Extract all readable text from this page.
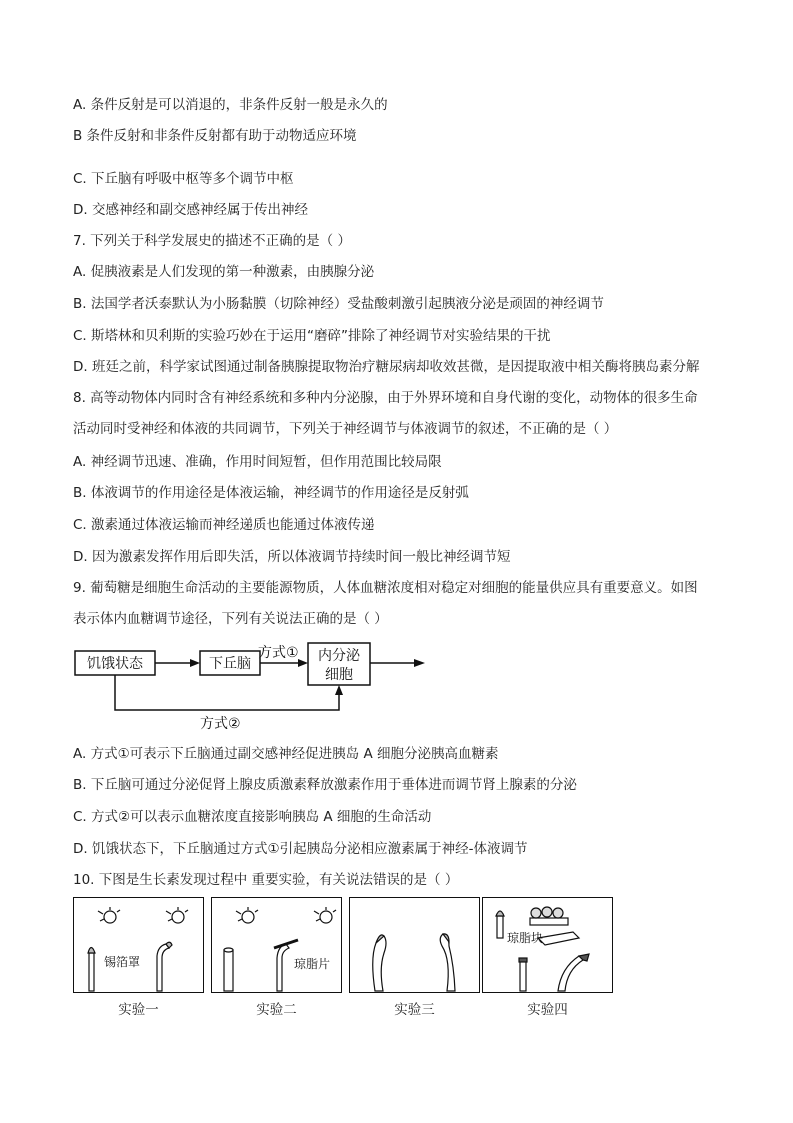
A. 条件反射是可以消退的，非条件反射一般是永久的
B 条件反射和非条件反射都有助于动物适应环境
C. 下丘脑有呼吸中枢等多个调节中枢
D. 交感神经和副交感神经属于传出神经
7. 下列关于科学发展史的描述不正确的是（ ）
A. 促胰液素是人们发现的第一种激素，由胰腺分泌
B. 法国学者沃泰默认为小肠黏膜（切除神经）受盐酸刺激引起胰液分泌是顽固的神经调节
C. 斯塔林和贝利斯的实验巧妙在于运用“磨碎”排除了神经调节对实验结果的干扰
D. 班廷之前，科学家试图通过制备胰腺提取物治疗糖尿病却收效甚微，是因提取液中相关酶将胰岛素分解
8. 高等动物体内同时含有神经系统和多种内分泌腺，由于外界环境和自身代谢的变化，动物体的很多生命
活动同时受神经和体液的共同调节，下列关于神经调节与体液调节的叙述，不正确的是（ ）
A. 神经调节迅速、准确，作用时间短暂，但作用范围比较局限
B. 体液调节的作用途径是体液运输，神经调节的作用途径是反射弧
C. 激素通过体液运输而神经递质也能通过体液传递
D. 因为激素发挥作用后即失活，所以体液调节持续时间一般比神经调节短
9. 葡萄糖是细胞生命活动的主要能源物质，人体血糖浓度相对稳定对细胞的能量供应具有重要意义。如图
表示体内血糖调节途径，下列有关说法正确的是（ ）
A. 方式①可表示下丘脑通过副交感神经促进胰岛 A 细胞分泌胰高血糖素
B. 下丘脑可通过分泌促肾上腺皮质激素释放激素作用于垂体进而调节肾上腺素的分泌
C. 方式②可以表示血糖浓度直接影响胰岛 A 细胞的生命活动
D. 饥饿状态下，下丘脑通过方式①引起胰岛分泌相应激素属于神经-体液调节
10. 下图是生长素发现过程中 重要实验，有关说法错误的是（ ）
饥饿状态	下丘脑
方式① 内分泌
细胞
方式②
锡箔罩	琼脂片
琼脂块
实验一	实验二	实验三	实验四
